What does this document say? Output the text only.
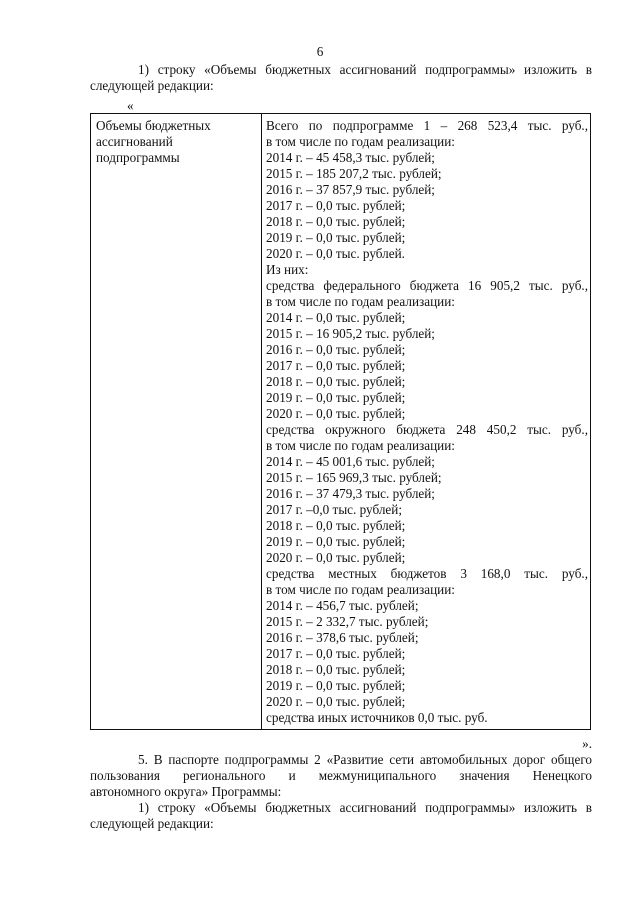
6
1) строку «Объемы бюджетных ассигнований подпрограммы» изложить в
следующей редакции:
«
Объемы бюджетных
ассигнований
подпрограммы
Всего по подпрограмме 1 – 268 523,4 тыс. руб.,
в том числе по годам реализации:
2014 г. – 45 458,3 тыс. рублей;
2015 г. – 185 207,2 тыс. рублей;
2016 г. – 37 857,9 тыс. рублей;
2017 г. – 0,0 тыс. рублей;
2018 г. – 0,0 тыс. рублей;
2019 г. – 0,0 тыс. рублей;
2020 г. – 0,0 тыс. рублей.
Из них:
средства федерального бюджета 16 905,2 тыс. руб.,
в том числе по годам реализации:
2014 г. – 0,0 тыс. рублей;
2015 г. – 16 905,2 тыс. рублей;
2016 г. – 0,0 тыс. рублей;
2017 г. – 0,0 тыс. рублей;
2018 г. – 0,0 тыс. рублей;
2019 г. – 0,0 тыс. рублей;
2020 г. – 0,0 тыс. рублей;
средства окружного бюджета 248 450,2 тыс. руб.,
в том числе по годам реализации:
2014 г. – 45 001,6 тыс. рублей;
2015 г. – 165 969,3 тыс. рублей;
2016 г. – 37 479,3 тыс. рублей;
2017 г. –0,0 тыс. рублей;
2018 г. – 0,0 тыс. рублей;
2019 г. – 0,0 тыс. рублей;
2020 г. – 0,0 тыс. рублей;
средства местных бюджетов 3 168,0 тыс. руб.,
в том числе по годам реализации:
2014 г. – 456,7 тыс. рублей;
2015 г. – 2 332,7 тыс. рублей;
2016 г. – 378,6 тыс. рублей;
2017 г. – 0,0 тыс. рублей;
2018 г. – 0,0 тыс. рублей;
2019 г. – 0,0 тыс. рублей;
2020 г. – 0,0 тыс. рублей;
средства иных источников 0,0 тыс. руб.
».
5. В паспорте подпрограммы 2 «Развитие сети автомобильных дорог общего
пользования регионального и межмуниципального значения Ненецкого
автономного округа» Программы:
1) строку «Объемы бюджетных ассигнований подпрограммы» изложить в
следующей редакции:
